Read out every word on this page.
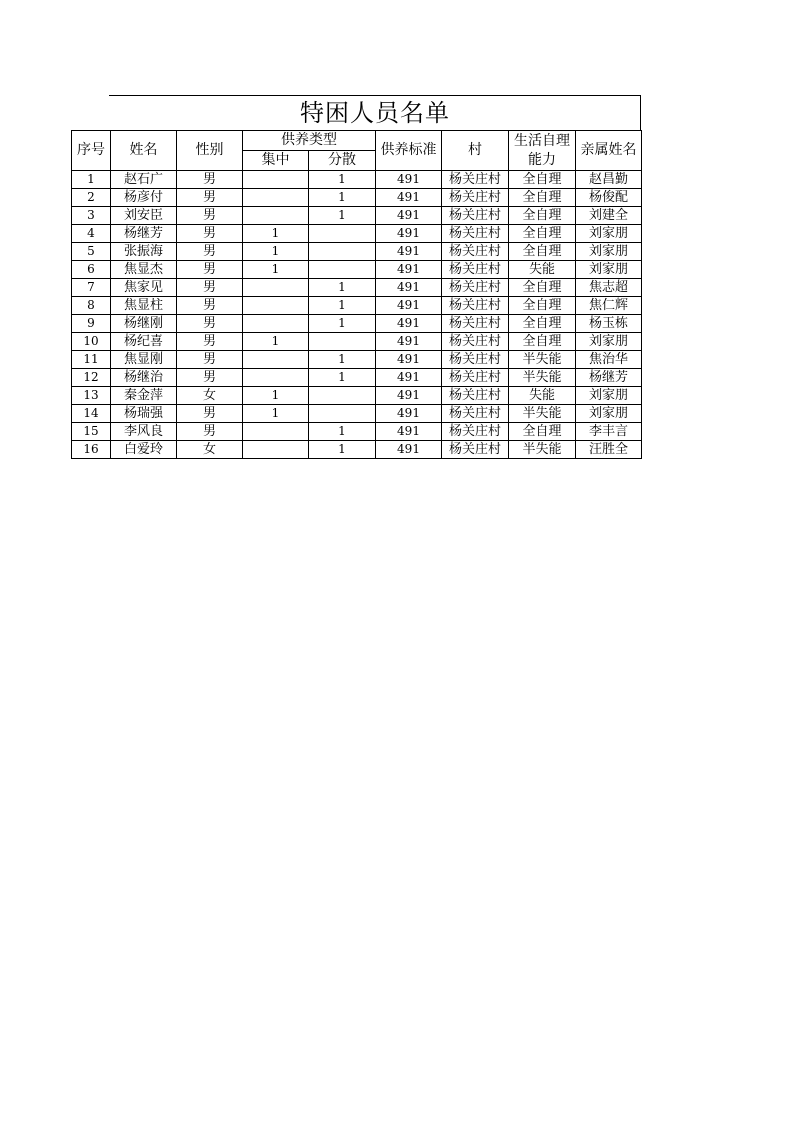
特困人员名单
序号	姓名	性别	供养类型		供养标准	村	生活自理能力	亲属姓名
			集中	分散				
1	赵石广	男		1	491	杨关庄村	全自理	赵昌勤
2	杨彦付	男		1	491	杨关庄村	全自理	杨俊配
3	刘安臣	男		1	491	杨关庄村	全自理	刘建全
4	杨继芳	男	1		491	杨关庄村	全自理	刘家朋
5	张振海	男	1		491	杨关庄村	全自理	刘家朋
6	焦显杰	男	1		491	杨关庄村	失能	刘家朋
7	焦家见	男		1	491	杨关庄村	全自理	焦志超
8	焦显柱	男		1	491	杨关庄村	全自理	焦仁辉
9	杨继刚	男		1	491	杨关庄村	全自理	杨玉栋
10	杨纪喜	男	1		491	杨关庄村	全自理	刘家朋
11	焦显刚	男		1	491	杨关庄村	半失能	焦治华
12	杨继治	男		1	491	杨关庄村	半失能	杨继芳
13	秦金萍	女	1		491	杨关庄村	失能	刘家朋
14	杨瑞强	男	1		491	杨关庄村	半失能	刘家朋
15	李风良	男		1	491	杨关庄村	全自理	李丰言
16	白爱玲	女		1	491	杨关庄村	半失能	汪胜全
